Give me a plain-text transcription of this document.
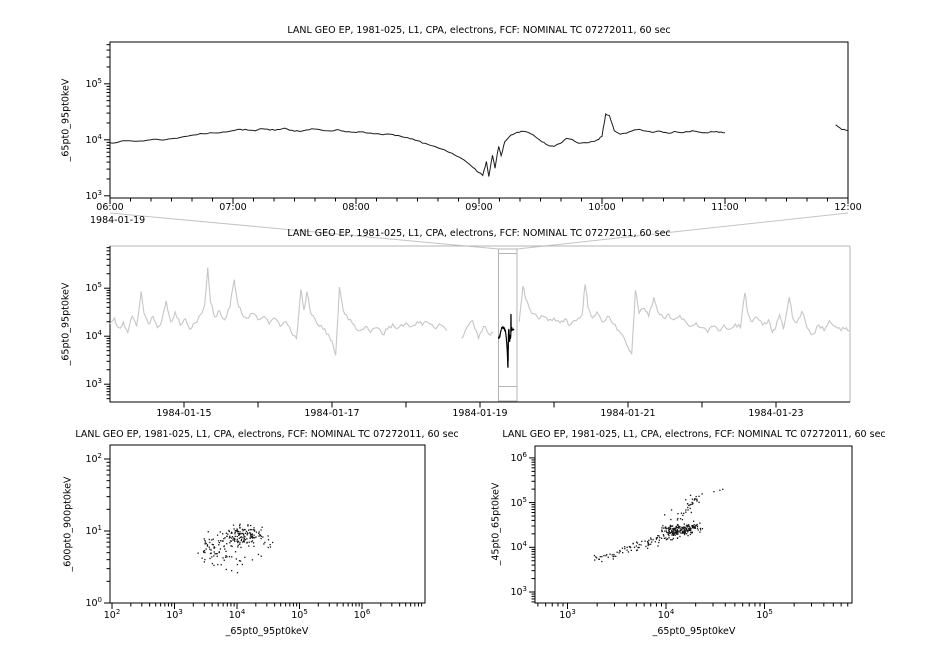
LANL GEO EP, 1981-025, L1, CPA, electrons, FCF: NOMINAL TC 07272011, 60 sec
LANL GEO EP, 1981-025, L1, CPA, electrons, FCF: NOMINAL TC 07272011, 60 sec
LANL GEO EP, 1981-025, L1, CPA, electrons, FCF: NOMINAL TC 07272011, 60 sec	LANL GEO EP, 1981-025, L1, CPA, electrons, FCF: NOMINAL TC 07272011, 60 sec
_65pt0_95pt0keV
_65pt0_95pt0keV
_600pt0_900pt0keV	_45pt0_65pt0keV
_65pt0_95pt0keV	_65pt0_95pt0keV
1984-01-19
$10^3$
$10^4$
$10^5$
06:00	07:00	08:00	09:00	10:00	11:00	12:00
$10^3$
$10^4$
$10^5$
1984-01-15	1984-01-17	1984-01-19	1984-01-21	1984-01-23
$10^2$	$10^3$	$10^4$	$10^5$	$10^6$
$10^0$
$10^1$
$10^2$
$10^3$	$10^4$	$10^5$
$10^3$
$10^4$
$10^5$
$10^6$
